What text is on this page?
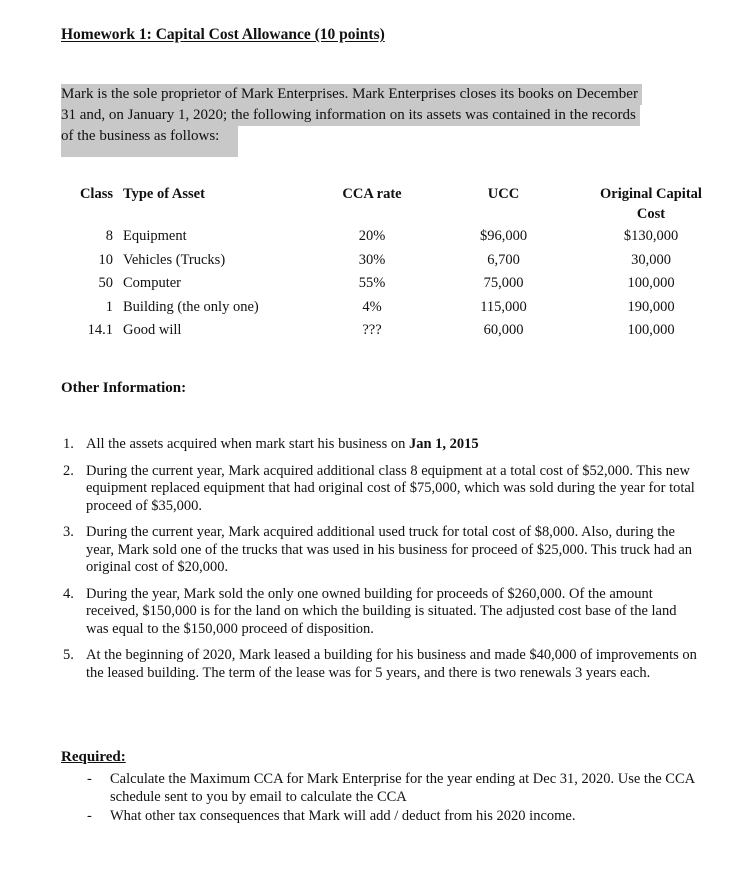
Homework 1: Capital Cost Allowance (10 points)
Mark is the sole proprietor of Mark Enterprises. Mark Enterprises closes its books on December
31 and, on January 1, 2020; the following information on its assets was contained in the records
of the business as follows:
Class	Type of Asset	CCA rate	UCC	Original Capital Cost
8	Equipment	20%	$96,000	$130,000
10	Vehicles (Trucks)	30%	6,700	30,000
50	Computer	55%	75,000	100,000
1	Building (the only one)	4%	115,000	190,000
14.1	Good will	???	60,000	100,000
Other Information:
1. All the assets acquired when mark start his business on Jan 1, 2015
2. During the current year, Mark acquired additional class 8 equipment at a total cost of $52,000. This new equipment replaced equipment that had original cost of $75,000, which was sold during the year for total proceed of $35,000.
3. During the current year, Mark acquired additional used truck for total cost of $8,000. Also, during the year, Mark sold one of the trucks that was used in his business for proceed of $25,000. This truck had an original cost of $20,000.
4. During the year, Mark sold the only one owned building for proceeds of $260,000. Of the amount received, $150,000 is for the land on which the building is situated. The adjusted cost base of the land was equal to the $150,000 proceed of disposition.
5. At the beginning of 2020, Mark leased a building for his business and made $40,000 of improvements on the leased building. The term of the lease was for 5 years, and there is two renewals 3 years each.
Required:
- Calculate the Maximum CCA for Mark Enterprise for the year ending at Dec 31, 2020. Use the CCA schedule sent to you by email to calculate the CCA
- What other tax consequences that Mark will add / deduct from his 2020 income.
